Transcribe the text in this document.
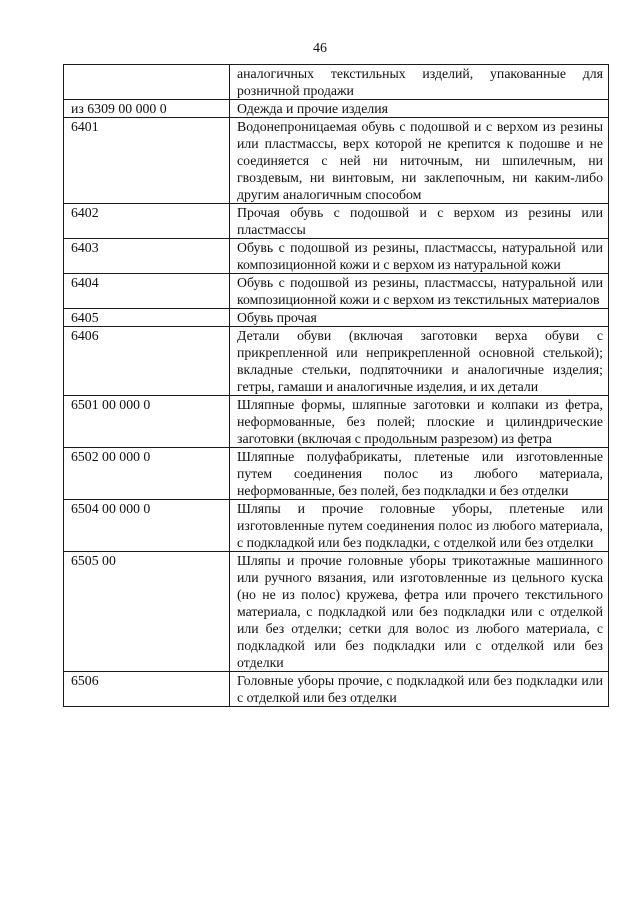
46
	аналогичных текстильных изделий, упакованные для розничной продажи
из 6309 00 000 0	Одежда и прочие изделия
6401	Водонепроницаемая обувь с подошвой и с верхом из резины или пластмассы, верх которой не крепится к подошве и не соединяется с ней ни ниточным, ни шпилечным, ни гвоздевым, ни винтовым, ни заклепочным, ни каким-либо другим аналогичным способом
6402	Прочая обувь с подошвой и с верхом из резины или пластмассы
6403	Обувь с подошвой из резины, пластмассы, натуральной или композиционной кожи и с верхом из натуральной кожи
6404	Обувь с подошвой из резины, пластмассы, натуральной или композиционной кожи и с верхом из текстильных материалов
6405	Обувь прочая
6406	Детали обуви (включая заготовки верха обуви с прикрепленной или неприкрепленной основной стелькой); вкладные стельки, подпяточники и аналогичные изделия; гетры, гамаши и аналогичные изделия, и их детали
6501 00 000 0	Шляпные формы, шляпные заготовки и колпаки из фетра, неформованные, без полей; плоские и цилиндрические заготовки (включая с продольным разрезом) из фетра
6502 00 000 0	Шляпные полуфабрикаты, плетеные или изготовленные путем соединения полос из любого материала, неформованные, без полей, без подкладки и без отделки
6504 00 000 0	Шляпы и прочие головные уборы, плетеные или изготовленные путем соединения полос из любого материала, с подкладкой или без подкладки, с отделкой или без отделки
6505 00	Шляпы и прочие головные уборы трикотажные машинного или ручного вязания, или изготовленные из цельного куска (но не из полос) кружева, фетра или прочего текстильного материала, с подкладкой или без подкладки или с отделкой или без отделки; сетки для волос из любого материала, с подкладкой или без подкладки или с отделкой или без отделки
6506	Головные уборы прочие, с подкладкой или без подкладки или с отделкой или без отделки
